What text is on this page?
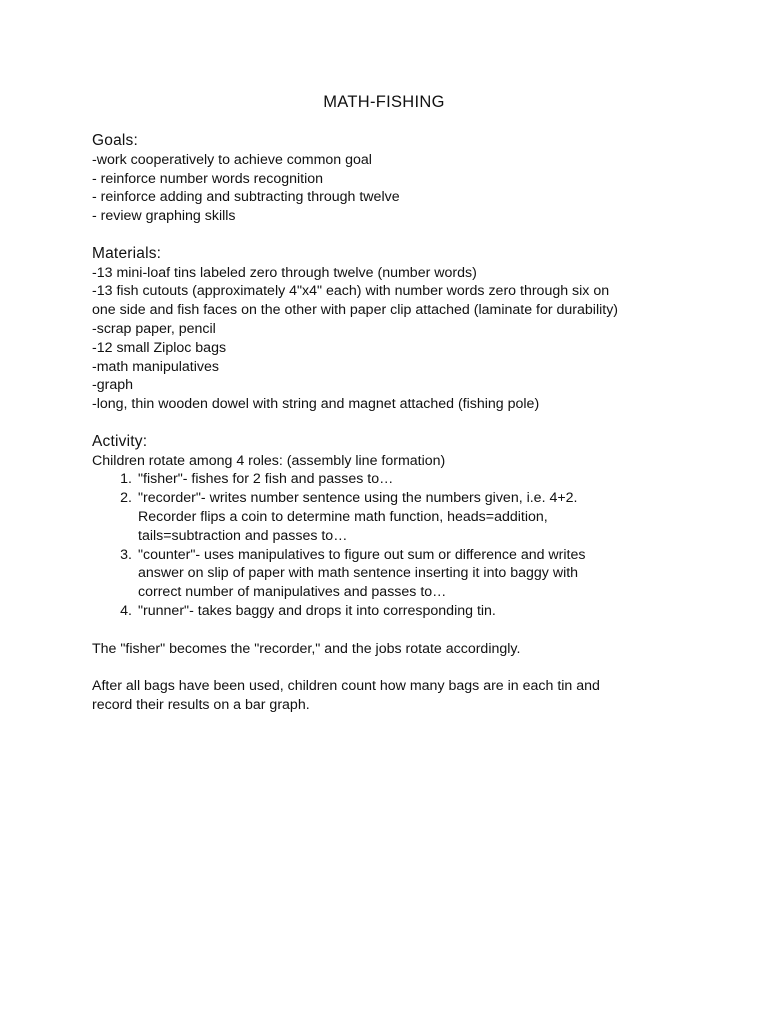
MATH-FISHING

Goals:

-work cooperatively to achieve common goal

- reinforce number words recognition

- reinforce adding and subtracting through twelve

- review graphing skills

Materials:

-13 mini-loaf tins labeled zero through twelve (number words)

-13 fish cutouts (approximately 4"x4" each) with number words zero through six on

one side and fish faces on the other with paper clip attached (laminate for durability)

-scrap paper, pencil

-12 small Ziploc bags

-math manipulatives

-graph

-long, thin wooden dowel with string and magnet attached (fishing pole)

Activity:

Children rotate among 4 roles: (assembly line formation)

1. "fisher"- fishes for 2 fish and passes to…
2. "recorder"- writes number sentence using the numbers given, i.e. 4+2.
Recorder flips a coin to determine math function, heads=addition,
tails=subtraction and passes to…
3. "counter"- uses manipulatives to figure out sum or difference and writes
answer on slip of paper with math sentence inserting it into baggy with
correct number of manipulatives and passes to…
4. "runner"- takes baggy and drops it into corresponding tin.

The "fisher" becomes the "recorder," and the jobs rotate accordingly.

After all bags have been used, children count how many bags are in each tin and

record their results on a bar graph.
